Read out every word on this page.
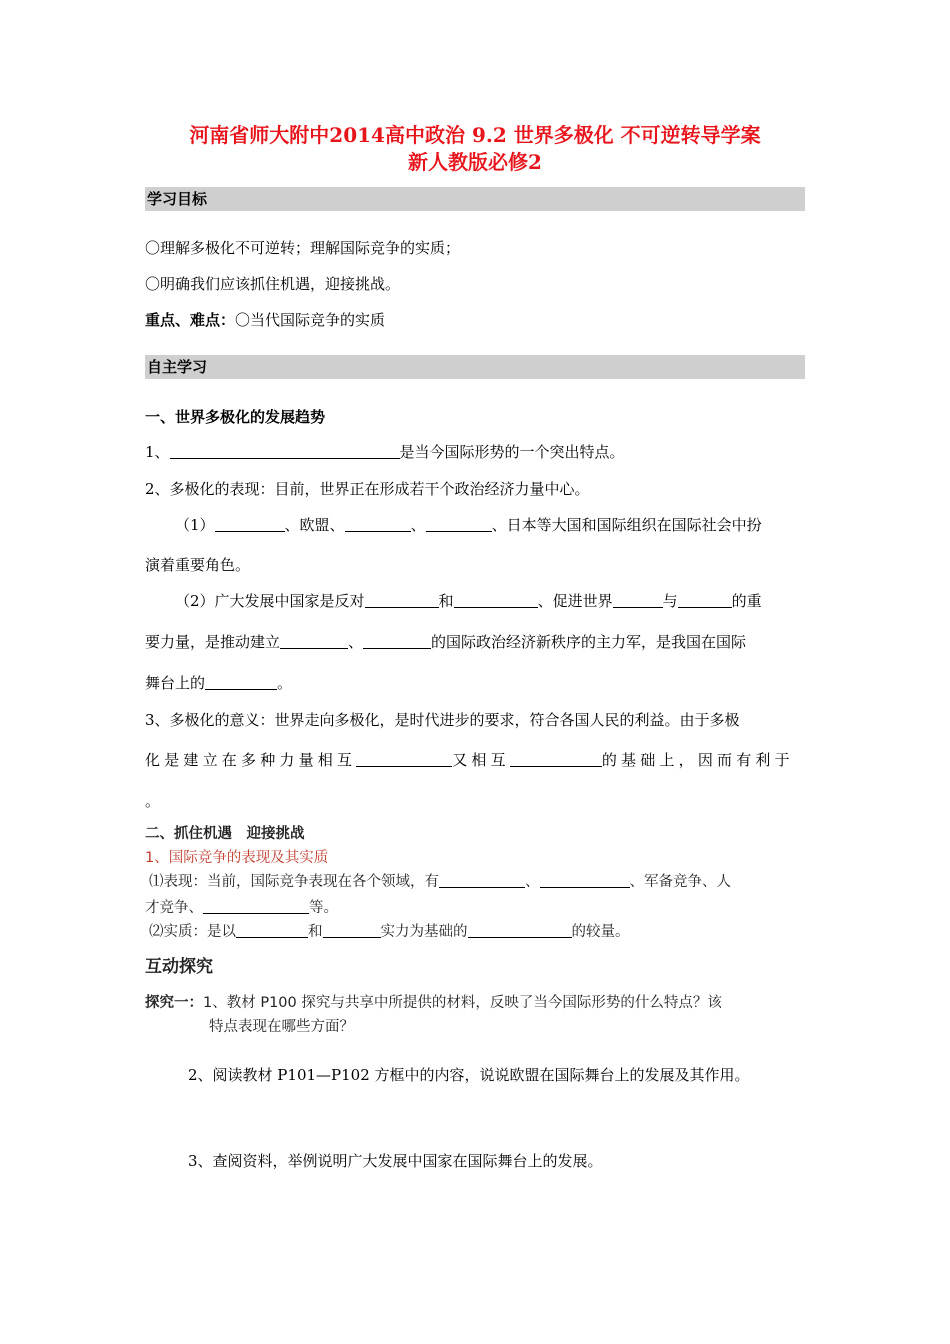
河南省师大附中2014高中政治 9.2 世界多极化 不可逆转导学案
新人教版必修2
学习目标
〇理解多极化不可逆转；理解国际竞争的实质；
〇明确我们应该抓住机遇，迎接挑战。
重点、难点：〇当代国际竞争的实质
自主学习
一、世界多极化的发展趋势
1、	是当今国际形势的一个突出特点。
2、多极化的表现：目前，世界正在形成若干个政治经济力量中心。
（1）	、欧盟、	、	、日本等大国和国际组织在国际社会中扮
演着重要角色。
（2）广大发展中国家是反对	和	、促进世界	与	的重
要力量，是推动建立	、	的国际政治经济新秩序的主力军，是我国在国际
舞台上的	。
3、多极化的意义：世界走向多极化，是时代进步的要求，符合各国人民的利益。由于多极
化是建立在多种力量相互	又相互	的基础上，因而有利于
。
二、抓住机遇　迎接挑战
1、国际竞争的表现及其实质
⑴表现：当前，国际竞争表现在各个领域，有	、	、军备竞争、人
才竞争、	等。
⑵实质：是以	和	实力为基础的	的较量。
互动探究
探究一：1、教材 P100 探究与共享中所提供的材料，反映了当今国际形势的什么特点？该
特点表现在哪些方面？
2、阅读教材 P101—P102 方框中的内容，说说欧盟在国际舞台上的发展及其作用。
3、查阅资料，举例说明广大发展中国家在国际舞台上的发展。
